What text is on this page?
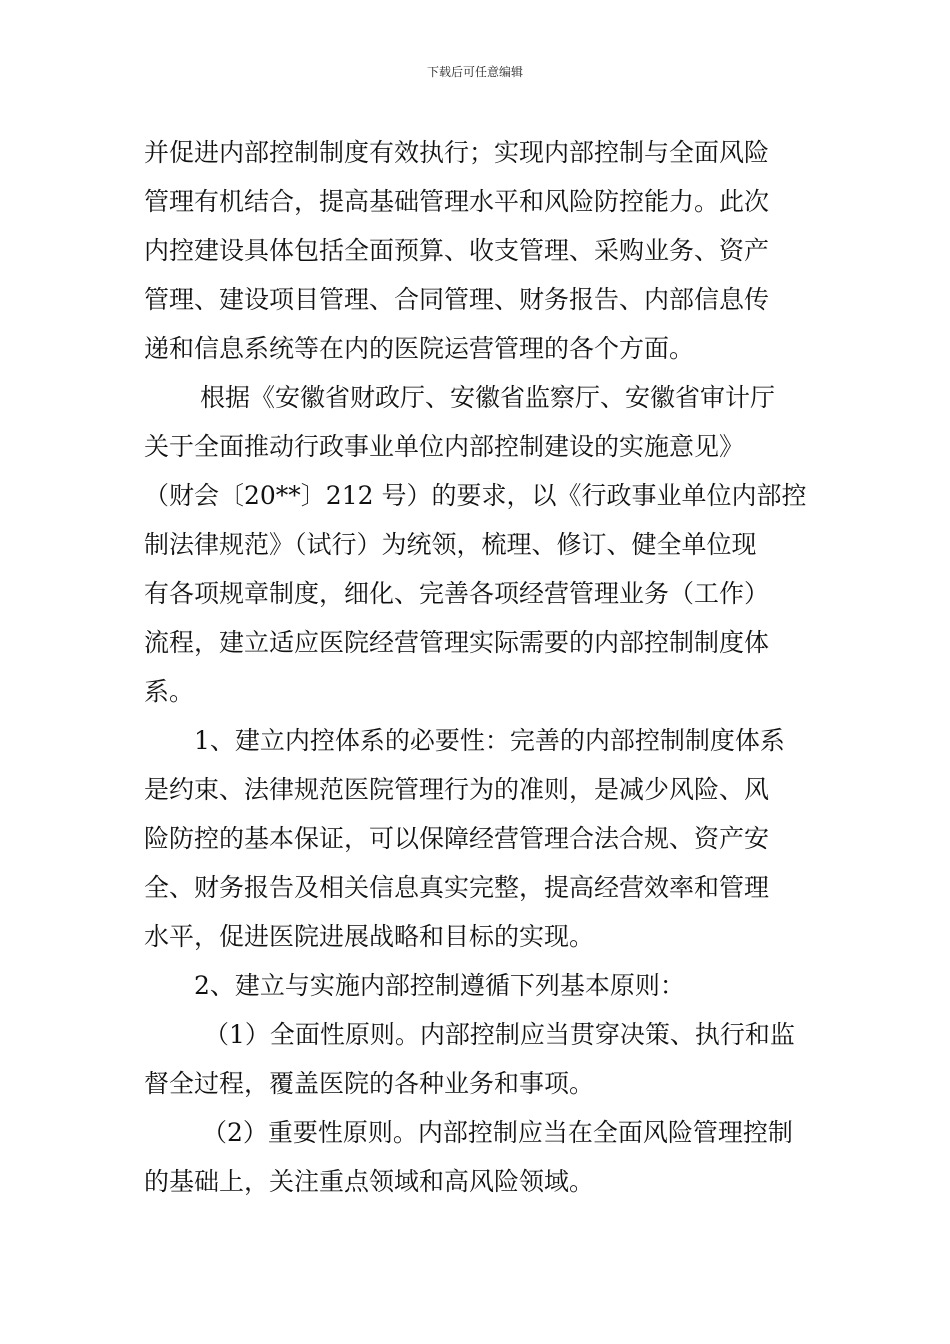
下载后可任意编辑
并促进内部控制制度有效执行；实现内部控制与全面风险
管理有机结合，提高基础管理水平和风险防控能力。此次
内控建设具体包括全面预算、收支管理、采购业务、资产
管理、建设项目管理、合同管理、财务报告、内部信息传
递和信息系统等在内的医院运营管理的各个方面。
根据《安徽省财政厅、安徽省监察厅、安徽省审计厅
关于全面推动行政事业单位内部控制建设的实施意见》
（财会〔20**〕212 号）的要求，以《行政事业单位内部控
制法律规范》（试行）为统领，梳理、修订、健全单位现
有各项规章制度，细化、完善各项经营管理业务（工作）
流程，建立适应医院经营管理实际需要的内部控制制度体
系。
1、建立内控体系的必要性：完善的内部控制制度体系
是约束、法律规范医院管理行为的准则，是减少风险、风
险防控的基本保证，可以保障经营管理合法合规、资产安
全、财务报告及相关信息真实完整，提高经营效率和管理
水平，促进医院进展战略和目标的实现。
2、建立与实施内部控制遵循下列基本原则：
（1）全面性原则。内部控制应当贯穿决策、执行和监
督全过程，覆盖医院的各种业务和事项。
（2）重要性原则。内部控制应当在全面风险管理控制
的基础上，关注重点领域和高风险领域。
